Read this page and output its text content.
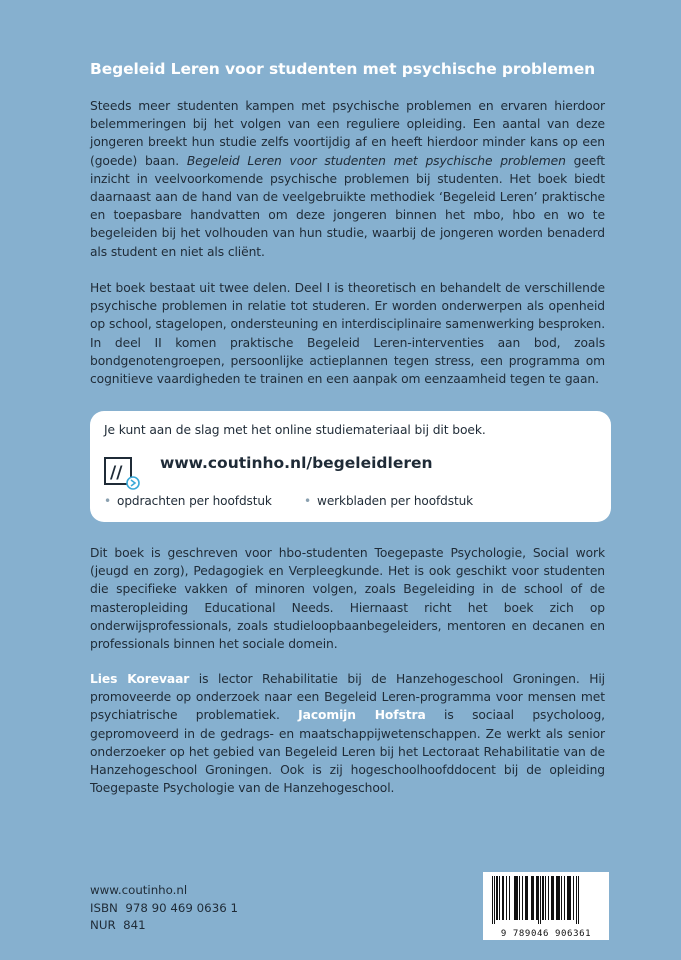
Begeleid Leren voor studenten met psychische problemen
Steeds meer studenten kampen met psychische problemen en ervaren hierdoor belemmeringen bij het volgen van een reguliere opleiding. Een aantal van deze jongeren breekt hun studie zelfs voortijdig af en heeft hierdoor minder kans op een (goede) baan. Begeleid Leren voor studenten met psychische problemen geeft inzicht in veelvoorkomende psychische problemen bij studenten. Het boek biedt daarnaast aan de hand van de veelgebruikte methodiek ‘Begeleid Leren’ praktische en toepasbare handvatten om deze jongeren binnen het mbo, hbo en wo te begeleiden bij het volhouden van hun studie, waarbij de jongeren worden benaderd als student en niet als cliënt.
Het boek bestaat uit twee delen. Deel I is theoretisch en behandelt de verschillende psychische problemen in relatie tot studeren. Er worden onderwerpen als openheid op school, stagelopen, ondersteuning en interdisciplinaire samenwerking besproken. In deel II komen praktische Begeleid Leren-interventies aan bod, zoals bondgenotengroepen, persoonlijke actieplannen tegen stress, een programma om cognitieve vaardigheden te trainen en een aanpak om eenzaamheid tegen te gaan.
Je kunt aan de slag met het online studiemateriaal bij dit boek.
// www.coutinho.nl/begeleidleren
• opdrachten per hoofdstuk	• werkbladen per hoofdstuk
Dit boek is geschreven voor hbo-studenten Toegepaste Psychologie, Social work (jeugd en zorg), Pedagogiek en Verpleegkunde. Het is ook geschikt voor studenten die specifieke vakken of minoren volgen, zoals Begeleiding in de school of de masteropleiding Educational Needs. Hiernaast richt het boek zich op onderwijsprofessionals, zoals studieloopbaanbegeleiders, mentoren en decanen en professionals binnen het sociale domein.
Lies Korevaar is lector Rehabilitatie bij de Hanzehogeschool Groningen. Hij promoveerde op onderzoek naar een Begeleid Leren-programma voor mensen met psychiatrische problematiek. Jacomijn Hofstra is sociaal psycholoog, gepromoveerd in de gedrags- en maatschappijwetenschappen. Ze werkt als senior onderzoeker op het gebied van Begeleid Leren bij het Lectoraat Rehabilitatie van de Hanzehogeschool Groningen. Ook is zij hogeschoolhoofddocent bij de opleiding Toegepaste Psychologie van de Hanzehogeschool.
www.coutinho.nl
ISBN  978 90 469 0636 1
NUR  841
9 789046 906361
